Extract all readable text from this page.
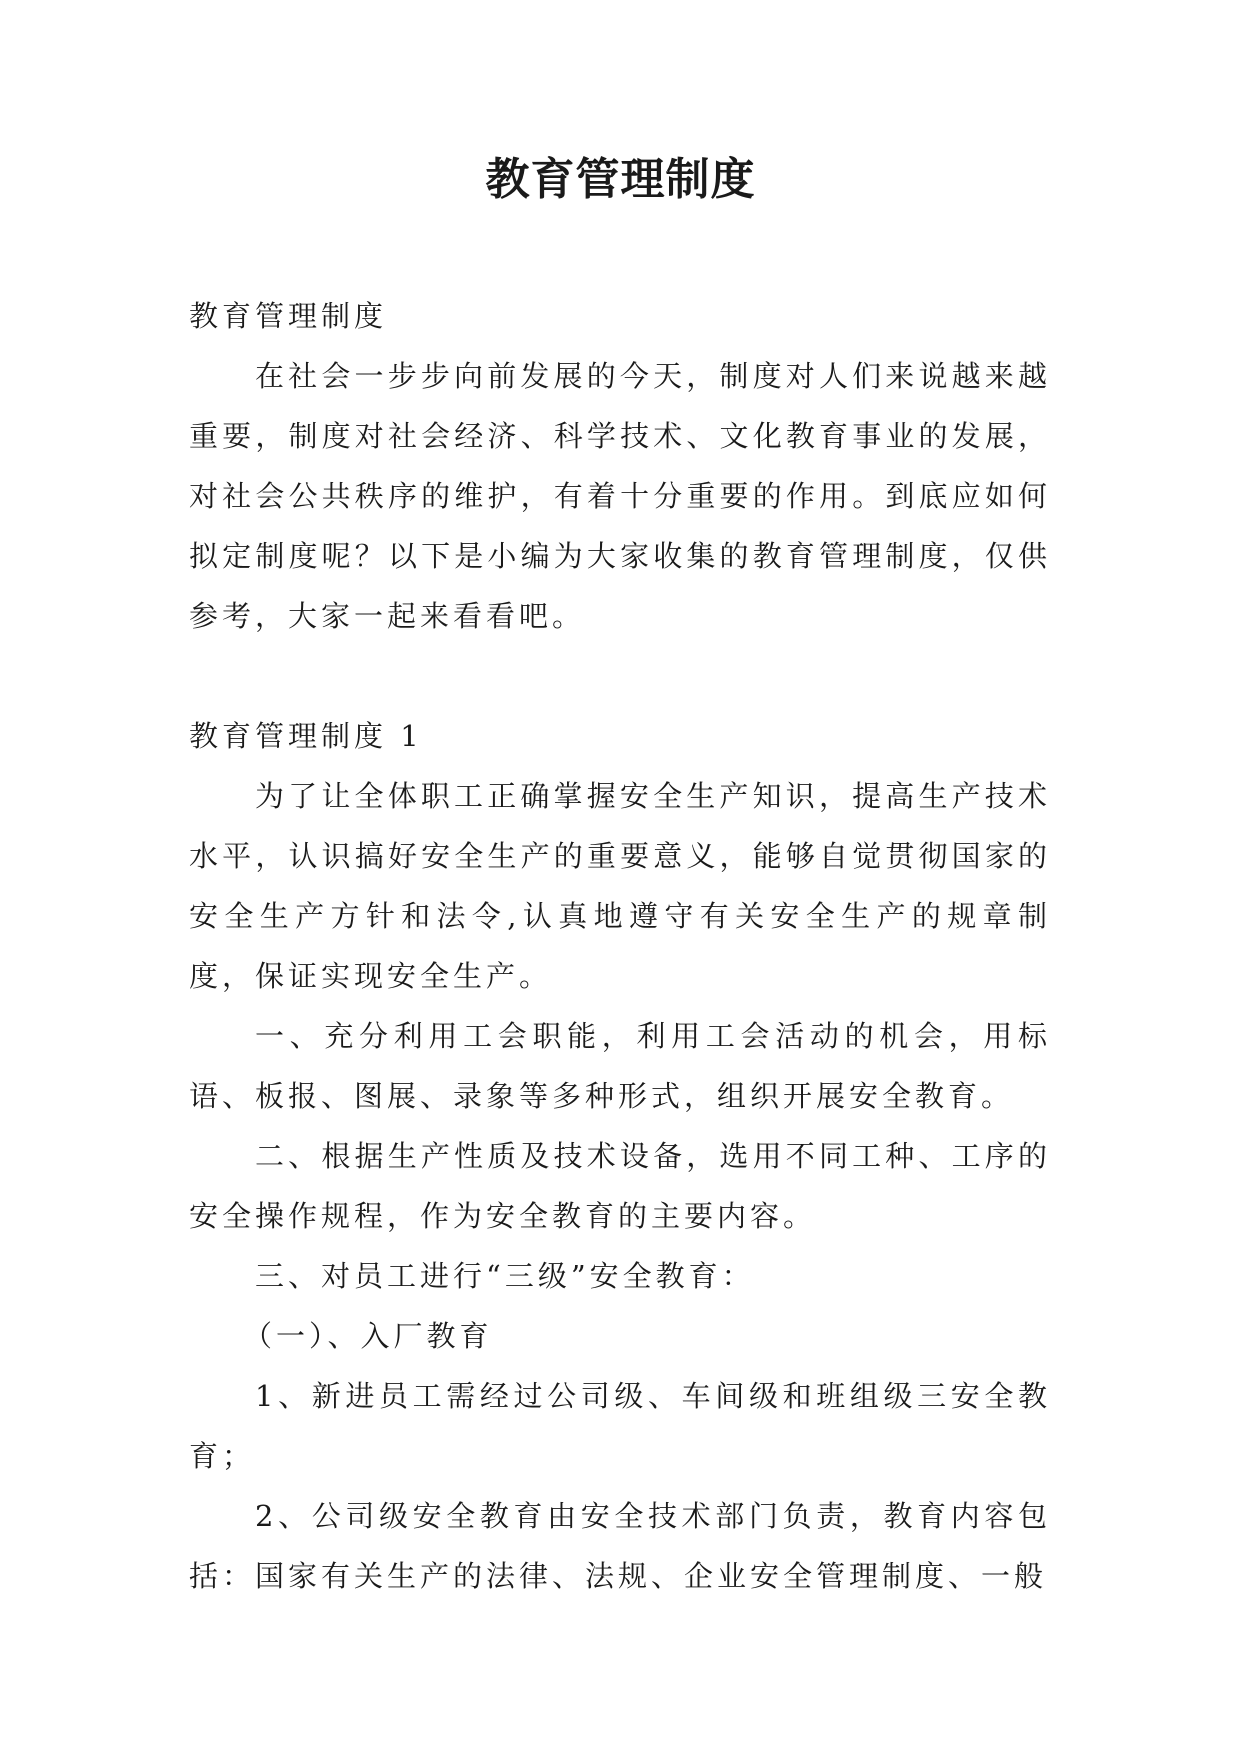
教育管理制度

教育管理制度

在社会一步步向前发展的今天，制度对人们来说越来越重要，制度对社会经济、科学技术、文化教育事业的发展，对社会公共秩序的维护，有着十分重要的作用。到底应如何拟定制度呢？以下是小编为大家收集的教育管理制度，仅供参考，大家一起来看看吧。

教育管理制度 1

为了让全体职工正确掌握安全生产知识，提高生产技术水平，认识搞好安全生产的重要意义，能够自觉贯彻国家的安全生产方针和法令,认真地遵守有关安全生产的规章制度，保证实现安全生产。

一、充分利用工会职能，利用工会活动的机会，用标语、板报、图展、录象等多种形式，组织开展安全教育。

二、根据生产性质及技术设备，选用不同工种、工序的安全操作规程，作为安全教育的主要内容。

三、对员工进行“三级”安全教育：

（一）、入厂教育

1、新进员工需经过公司级、车间级和班组级三安全教育；

2、公司级安全教育由安全技术部门负责，教育内容包括：国家有关生产的法律、法规、企业安全管理制度、一般
